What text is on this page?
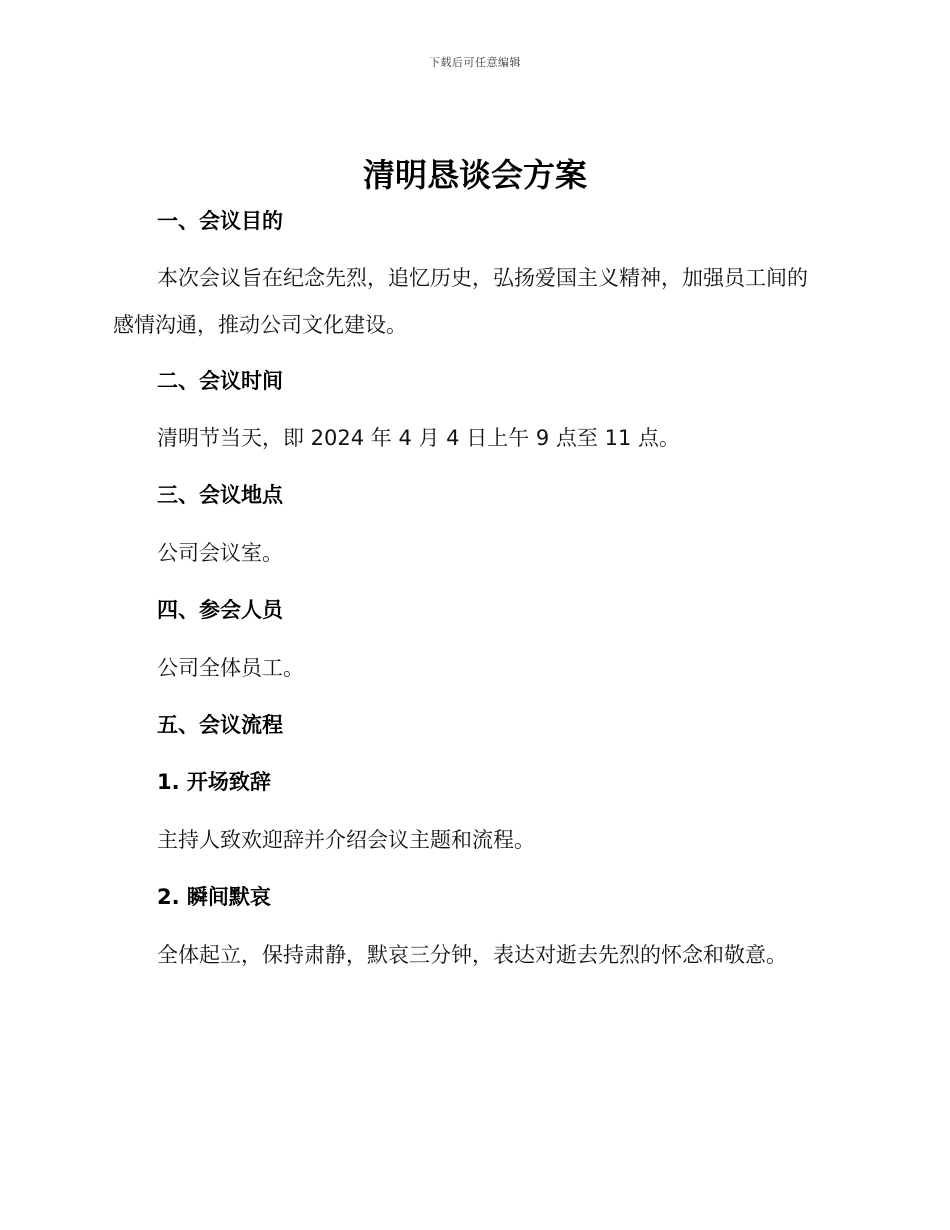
下载后可任意编辑
清明恳谈会方案
一、会议目的
本次会议旨在纪念先烈，追忆历史，弘扬爱国主义精神，加强员工间的
感情沟通，推动公司文化建设。
二、会议时间
清明节当天，即 2024 年 4 月 4 日上午 9 点至 11 点。
三、会议地点
公司会议室。
四、参会人员
公司全体员工。
五、会议流程
1. 开场致辞
主持人致欢迎辞并介绍会议主题和流程。
2. 瞬间默哀
全体起立，保持肃静，默哀三分钟，表达对逝去先烈的怀念和敬意。
